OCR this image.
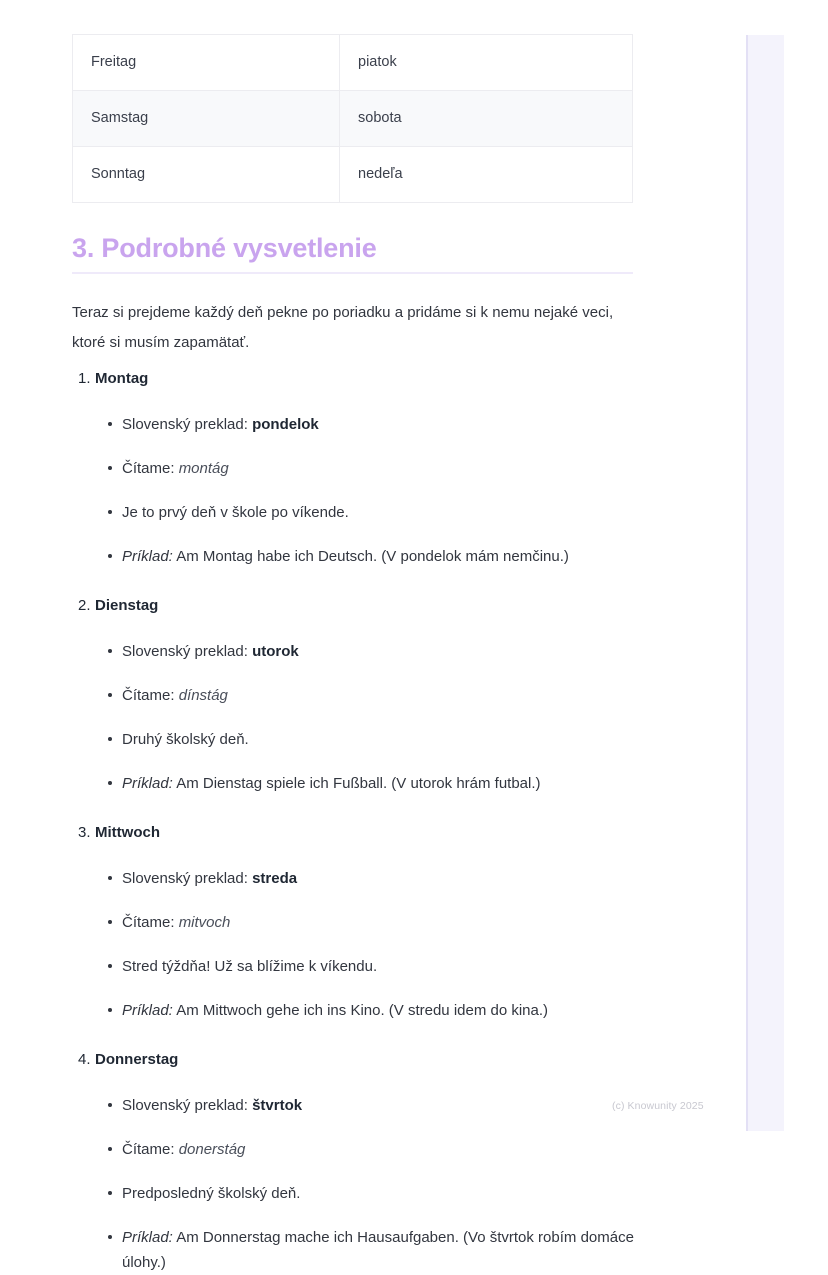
Freitag	piatok
Samstag	sobota
Sonntag	nedeľa
3. Podrobné vysvetlenie

Teraz si prejdeme každý deň pekne po poriadku a pridáme si k nemu nejaké veci, ktoré si musím zapamätať.

1. Montag
Slovenský preklad: pondelok
Čítame: montág
Je to prvý deň v škole po víkende.
Príklad: Am Montag habe ich Deutsch. (V pondelok mám nemčinu.)
2. Dienstag
Slovenský preklad: utorok
Čítame: dínstág
Druhý školský deň.
Príklad: Am Dienstag spiele ich Fußball. (V utorok hrám futbal.)
3. Mittwoch
Slovenský preklad: streda
Čítame: mitvoch
Stred týždňa! Už sa blížime k víkendu.
Príklad: Am Mittwoch gehe ich ins Kino. (V stredu idem do kina.)
4. Donnerstag
Slovenský preklad: štvrtok
Čítame: donerstág
Predposledný školský deň.
Príklad: Am Donnerstag mache ich Hausaufgaben. (Vo štvrtok robím domáce úlohy.)
(c) Knowunity 2025
